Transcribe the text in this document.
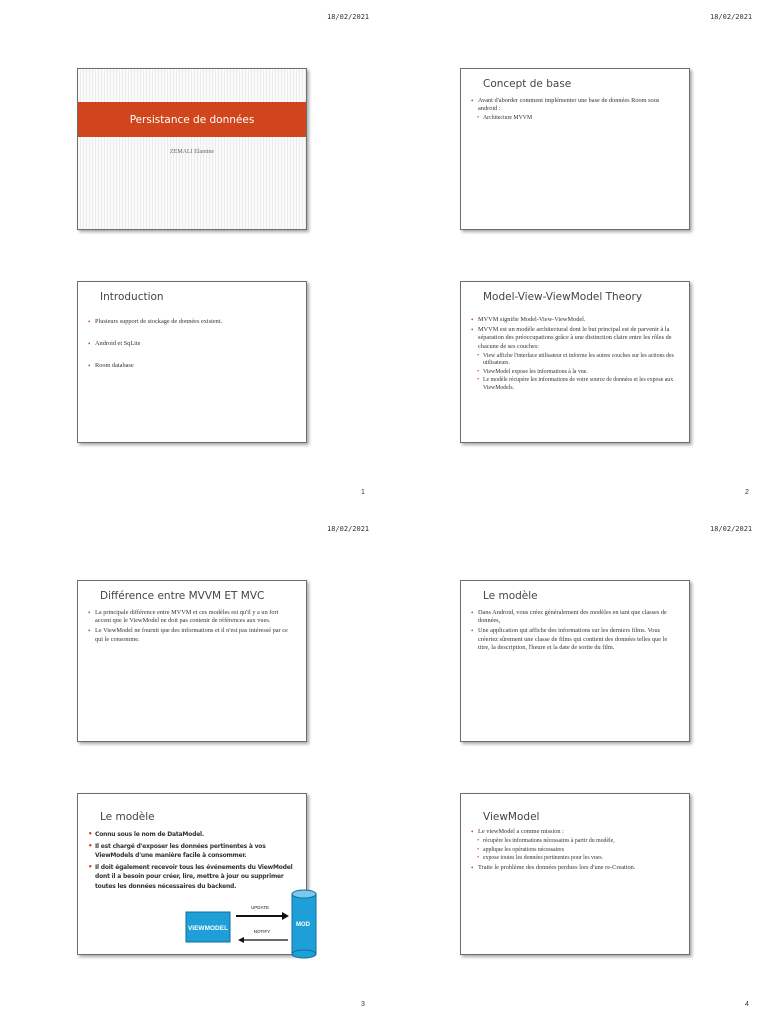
18/02/2021	18/02/2021
1	2
18/02/2021	18/02/2021
3	4
Persistance de données
ZEMALI Elamine
Concept de base
• Avant d'aborder comment implémenter une base de données Room sous android :
• Architecture MVVM
Introduction
• Plusieurs support de stockage de données existent.
• Android et SqLite
• Room database
Model-View-ViewModel Theory
• MVVM signifie Model-View-ViewModel.
• MVVM est un modèle architectural dont le but principal est de parvenir à la séparation des préoccupations grâce à une distinction claire entre les rôles de chacune de ses couches:
• View affiche l'interface utilisateur et informe les autres couches sur les actions des utilisateurs.
• ViewModel expose les informations à la vue.
• Le modèle récupère les informations de votre source de données et les expose aux ViewModels.
Différence entre MVVM ET MVC
• La principale différence entre MVVM et ces modèles est qu'il y a un fort accent que le ViewModel ne doit pas contenir de références aux vues.
• Le ViewModel ne fournit que des informations et il n'est pas intéressé par ce qui le consomme.
Le modèle
• Dans Android, vous créez généralement des modèles en tant que classes de données,
• Une application qui affiche des informations sur les derniers films. Vous créeriez sûrement une classe de films qui contient des données telles que le titre, la description, l'heure et la date de sortie du film.
Le modèle
• Connu sous le nom de DataModel.
• Il est chargé d'exposer les données pertinentes à vos ViewModels d'une manière facile à consommer.
• Il doit également recevoir tous les événements du ViewModel dont il a besoin pour créer, lire, mettre à jour ou supprimer toutes les données nécessaires du backend.
VIEWMODEL
UPDATE
NOTIFY
MOD
ViewModel
• Le viewModel a comme mission :
• récupère les informations nécessaires à partir du modèle,
• applique les opérations nécessaires
• expose toutes les données pertinentes pour les vues.
• Traite le problème des données perdues lors d'une re-Creation.
